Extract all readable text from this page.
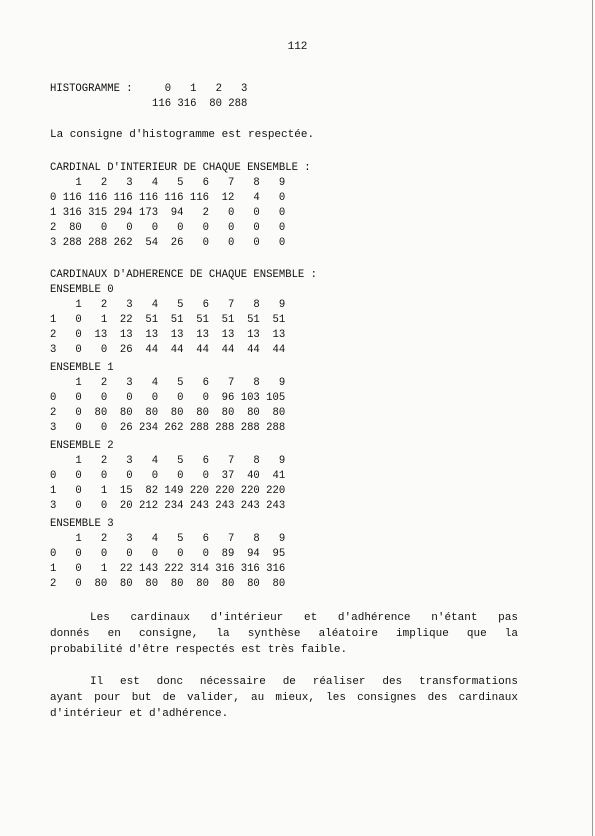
112
HISTOGRAMME : 0   1   2   3
116 316  80 288
La consigne d'histogramme est respectée.
CARDINAL D'INTERIEUR DE CHAQUE ENSEMBLE :
1   2   3   4   5   6   7   8   9
0 116 116 116 116 116 116  12   4   0
1 316 315 294 173  94   2   0   0   0
2  80   0   0   0   0   0   0   0   0
3 288 288 262  54  26   0   0   0   0
CARDINAUX D'ADHERENCE DE CHAQUE ENSEMBLE :
ENSEMBLE 0
1   2   3   4   5   6   7   8   9
1   0   1  22  51  51  51  51  51  51
2   0  13  13  13  13  13  13  13  13
3   0   0  26  44  44  44  44  44  44
ENSEMBLE 1
1   2   3   4   5   6   7   8   9
0   0   0   0   0   0   0  96 103 105
2   0  80  80  80  80  80  80  80  80
3   0   0  26 234 262 288 288 288 288
ENSEMBLE 2
1   2   3   4   5   6   7   8   9
0   0   0   0   0   0   0  37  40  41
1   0   1  15  82 149 220 220 220 220
3   0   0  20 212 234 243 243 243 243
ENSEMBLE 3
1   2   3   4   5   6   7   8   9
0   0   0   0   0   0   0  89  94  95
1   0   1  22 143 222 314 316 316 316
2   0  80  80  80  80  80  80  80  80
Les cardinaux d'intérieur et d'adhérence n'étant pas
donnés en consigne, la synthèse aléatoire implique que la
probabilité d'être respectés est très faible.
Il est donc nécessaire de réaliser des transformations
ayant pour but de valider, au mieux, les consignes des cardinaux
d'intérieur et d'adhérence.
